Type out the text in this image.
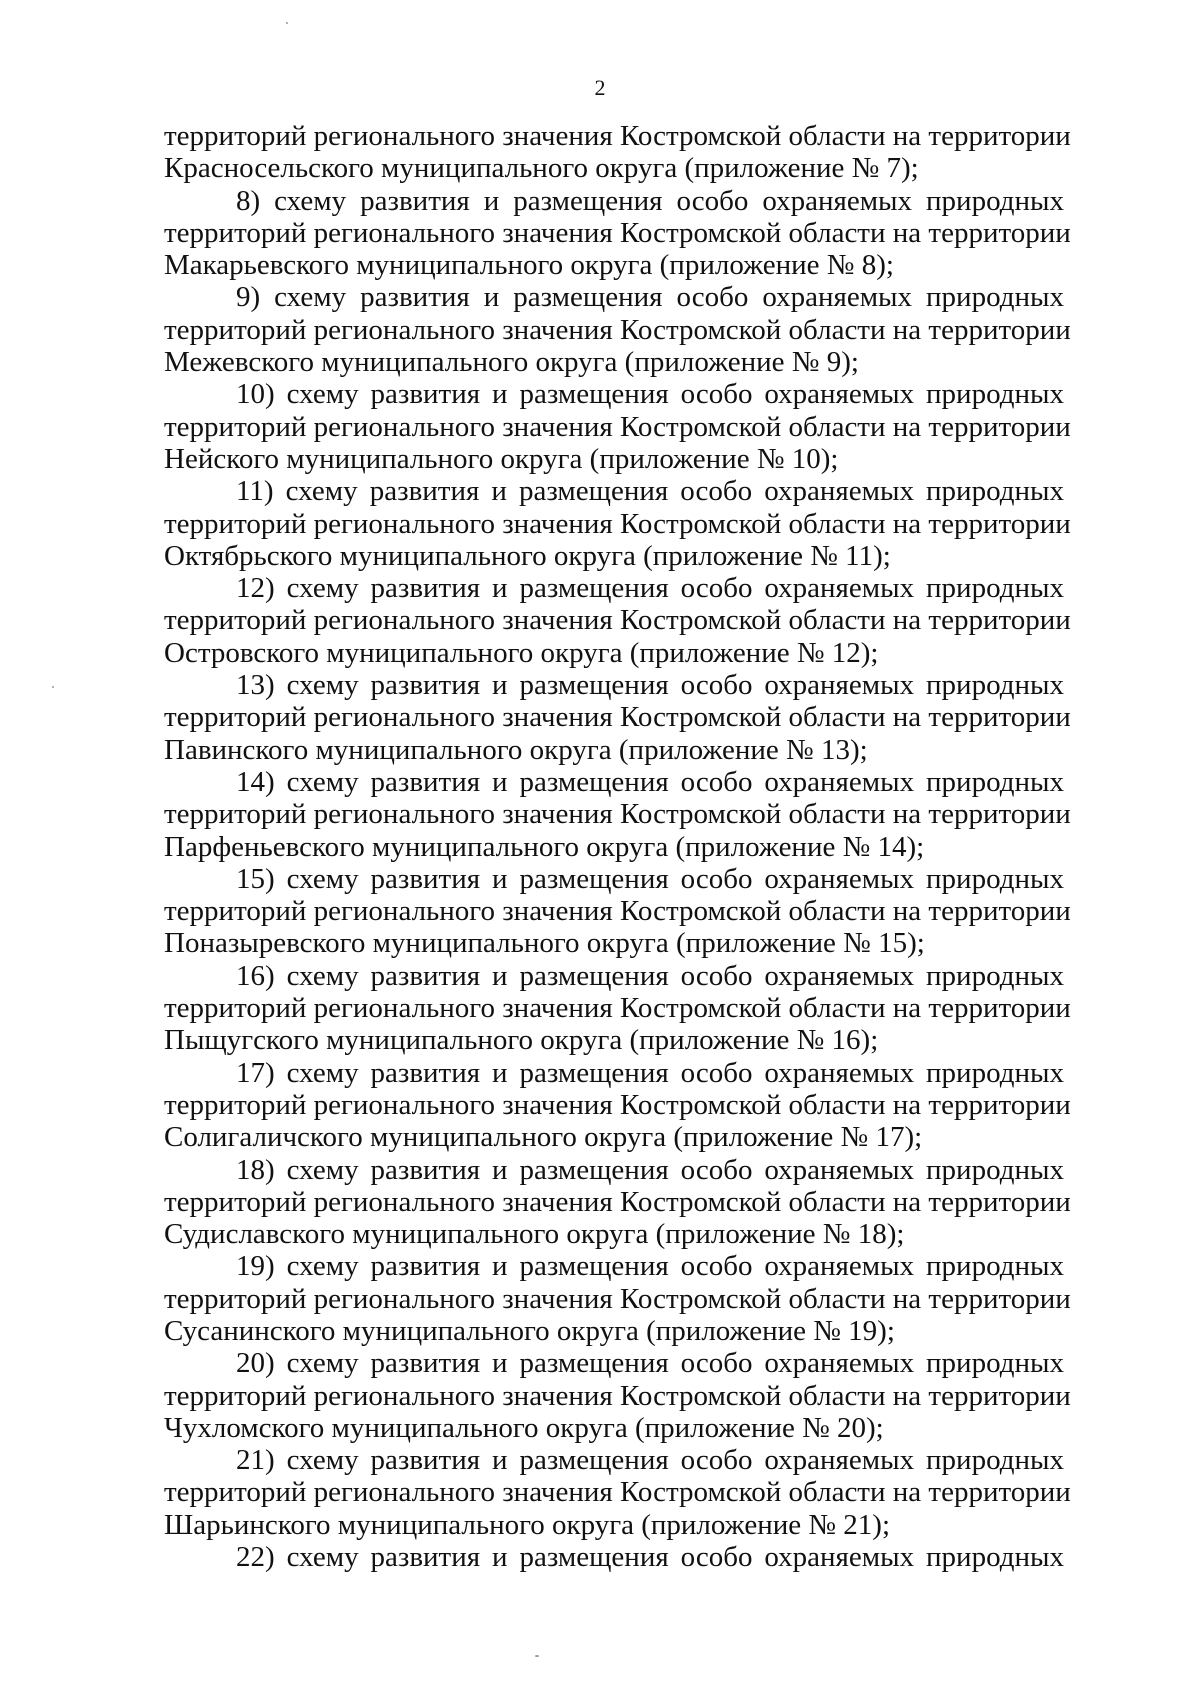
2
территорий регионального значения Костромской области на территории
Красносельского муниципального округа (приложение № 7);
8) схему развития и размещения особо охраняемых природных
территорий регионального значения Костромской области на территории
Макарьевского муниципального округа (приложение № 8);
9) схему развития и размещения особо охраняемых природных
территорий регионального значения Костромской области на территории
Межевского муниципального округа (приложение № 9);
10) схему развития и размещения особо охраняемых природных
территорий регионального значения Костромской области на территории
Нейского муниципального округа (приложение № 10);
11) схему развития и размещения особо охраняемых природных
территорий регионального значения Костромской области на территории
Октябрьского муниципального округа (приложение № 11);
12) схему развития и размещения особо охраняемых природных
территорий регионального значения Костромской области на территории
Островского муниципального округа (приложение № 12);
13) схему развития и размещения особо охраняемых природных
территорий регионального значения Костромской области на территории
Павинского муниципального округа (приложение № 13);
14) схему развития и размещения особо охраняемых природных
территорий регионального значения Костромской области на территории
Парфеньевского муниципального округа (приложение № 14);
15) схему развития и размещения особо охраняемых природных
территорий регионального значения Костромской области на территории
Поназыревского муниципального округа (приложение № 15);
16) схему развития и размещения особо охраняемых природных
территорий регионального значения Костромской области на территории
Пыщугского муниципального округа (приложение № 16);
17) схему развития и размещения особо охраняемых природных
территорий регионального значения Костромской области на территории
Солигаличского муниципального округа (приложение № 17);
18) схему развития и размещения особо охраняемых природных
территорий регионального значения Костромской области на территории
Судиславского муниципального округа (приложение № 18);
19) схему развития и размещения особо охраняемых природных
территорий регионального значения Костромской области на территории
Сусанинского муниципального округа (приложение № 19);
20) схему развития и размещения особо охраняемых природных
территорий регионального значения Костромской области на территории
Чухломского муниципального округа (приложение № 20);
21) схему развития и размещения особо охраняемых природных
территорий регионального значения Костромской области на территории
Шарьинского муниципального округа (приложение № 21);
22) схему развития и размещения особо охраняемых природных
